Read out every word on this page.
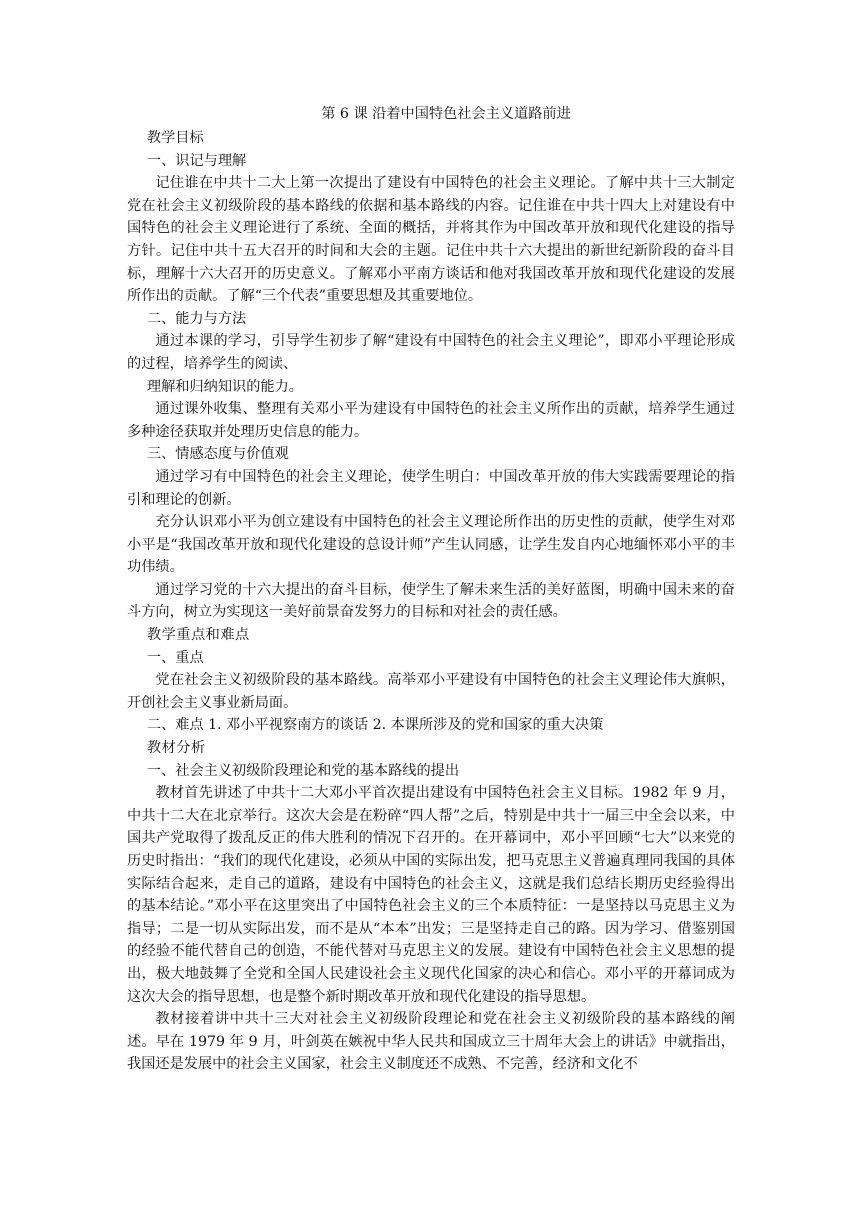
第 6 课 沿着中国特色社会主义道路前进

教学目标

一、识记与理解

记住谁在中共十二大上第一次提出了建设有中国特色的社会主义理论。了解中共十三大制定党在社会主义初级阶段的基本路线的依据和基本路线的内容。记住谁在中共十四大上对建设有中国特色的社会主义理论进行了系统、全面的概括，并将其作为中国改革开放和现代化建设的指导方针。记住中共十五大召开的时间和大会的主题。记住中共十六大提出的新世纪新阶段的奋斗目标，理解十六大召开的历史意义。了解邓小平南方谈话和他对我国改革开放和现代化建设的发展所作出的贡献。了解“三个代表”重要思想及其重要地位。

二、能力与方法

通过本课的学习，引导学生初步了解“建设有中国特色的社会主义理论”，即邓小平理论形成的过程，培养学生的阅读、

理解和归纳知识的能力。

通过课外收集、整理有关邓小平为建设有中国特色的社会主义所作出的贡献，培养学生通过多种途径获取并处理历史信息的能力。

三、情感态度与价值观

通过学习有中国特色的社会主义理论，使学生明白：中国改革开放的伟大实践需要理论的指引和理论的创新。

充分认识邓小平为创立建设有中国特色的社会主义理论所作出的历史性的贡献，使学生对邓小平是“我国改革开放和现代化建设的总设计师”产生认同感，让学生发自内心地缅怀邓小平的丰功伟绩。

通过学习党的十六大提出的奋斗目标，使学生了解未来生活的美好蓝图，明确中国未来的奋斗方向，树立为实现这一美好前景奋发努力的目标和对社会的责任感。

教学重点和难点

一、重点

党在社会主义初级阶段的基本路线。高举邓小平建设有中国特色的社会主义理论伟大旗帜，开创社会主义事业新局面。

二、难点 1. 邓小平视察南方的谈话 2. 本课所涉及的党和国家的重大决策

教材分析

一、社会主义初级阶段理论和党的基本路线的提出

教材首先讲述了中共十二大邓小平首次提出建设有中国特色社会主义目标。1982 年 9 月，中共十二大在北京举行。这次大会是在粉碎“四人帮”之后，特别是中共十一届三中全会以来，中国共产党取得了拨乱反正的伟大胜利的情况下召开的。在开幕词中，邓小平回顾“七大”以来党的历史时指出：“我们的现代化建设，必须从中国的实际出发，把马克思主义普遍真理同我国的具体实际结合起来，走自己的道路，建设有中国特色的社会主义，这就是我们总结长期历史经验得出的基本结论。”邓小平在这里突出了中国特色社会主义的三个本质特征：一是坚持以马克思主义为指导；二是一切从实际出发，而不是从“本本”出发；三是坚持走自己的路。因为学习、借鉴别国的经验不能代替自己的创造，不能代替对马克思主义的发展。建设有中国特色社会主义思想的提出，极大地鼓舞了全党和全国人民建设社会主义现代化国家的决心和信心。邓小平的开幕词成为这次大会的指导思想，也是整个新时期改革开放和现代化建设的指导思想。

教材接着讲中共十三大对社会主义初级阶段理论和党在社会主义初级阶段的基本路线的阐述。早在 1979 年 9 月，叶剑英在嫉祝中华人民共和国成立三十周年大会上的讲话》中就指出，我国还是发展中的社会主义国家，社会主义制度还不成熟、不完善，经济和文化不
